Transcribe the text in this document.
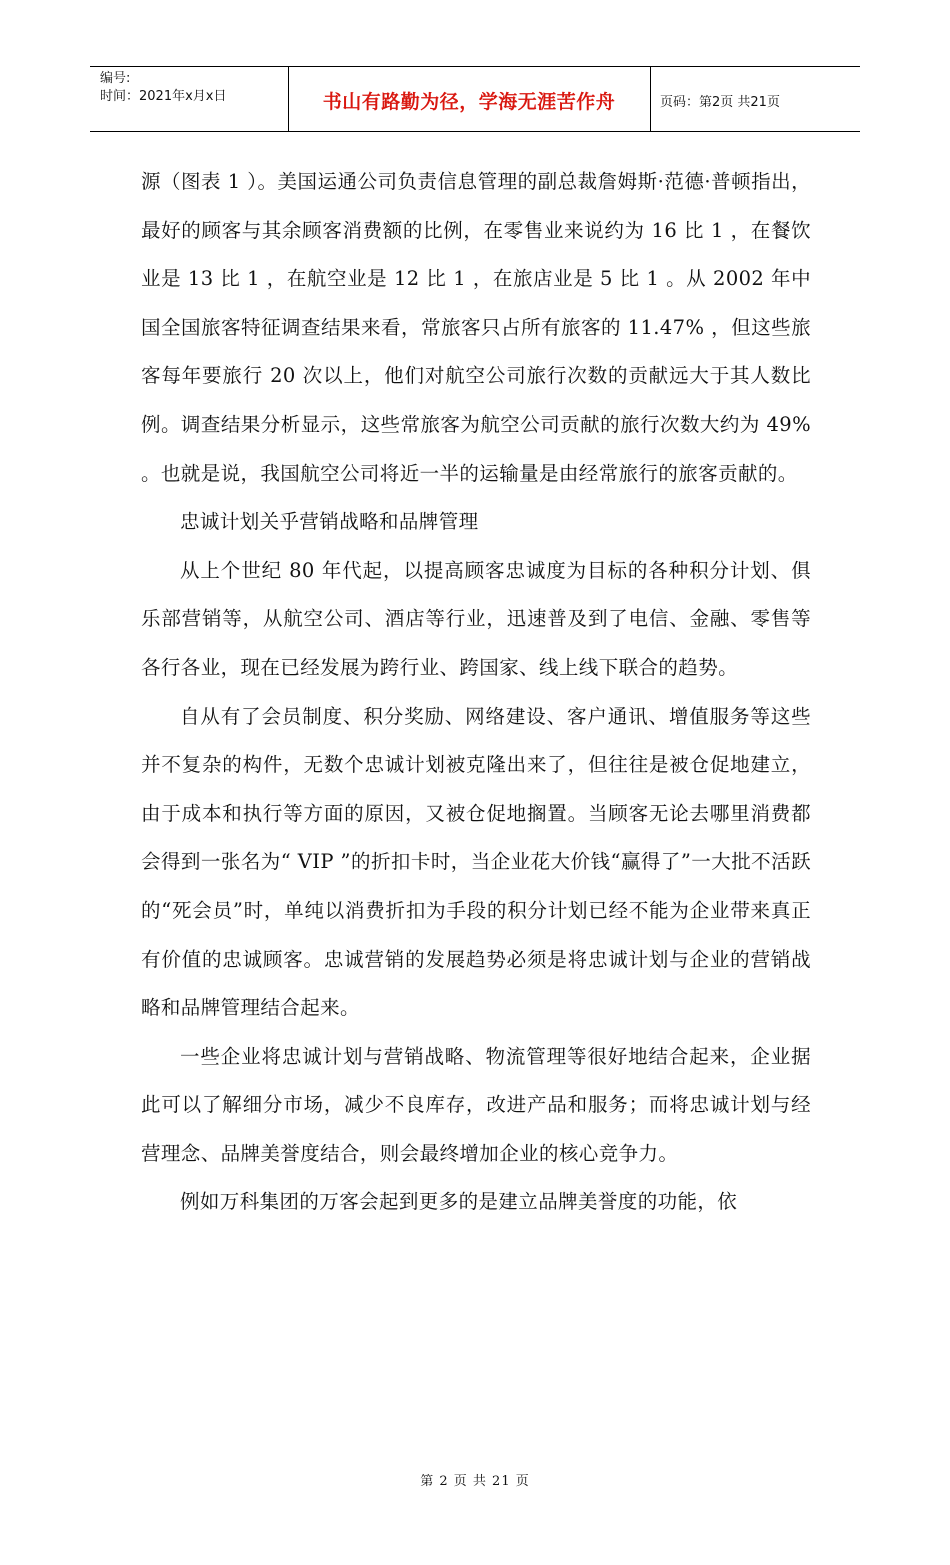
编号:
时间：2021年x月x日	书山有路勤为径，学海无涯苦作舟	页码：第2页 共21页

源（图表 1 ）。美国运通公司负责信息管理的副总裁詹姆斯·范德·普顿指出，最好的顾客与其余顾客消费额的比例，在零售业来说约为 16 比 1 ，在餐饮业是 13 比 1 ，在航空业是 12 比 1 ，在旅店业是 5 比 1 。从 2002 年中国全国旅客特征调查结果来看，常旅客只占所有旅客的 11.47% ，但这些旅客每年要旅行 20 次以上，他们对航空公司旅行次数的贡献远大于其人数比例。调查结果分析显示，这些常旅客为航空公司贡献的旅行次数大约为 49% 。也就是说，我国航空公司将近一半的运输量是由经常旅行的旅客贡献的。

忠诚计划关乎营销战略和品牌管理

从上个世纪 80 年代起，以提高顾客忠诚度为目标的各种积分计划、俱乐部营销等，从航空公司、酒店等行业，迅速普及到了电信、金融、零售等各行各业，现在已经发展为跨行业、跨国家、线上线下联合的趋势。

自从有了会员制度、积分奖励、网络建设、客户通讯、增值服务等这些并不复杂的构件，无数个忠诚计划被克隆出来了，但往往是被仓促地建立，由于成本和执行等方面的原因，又被仓促地搁置。当顾客无论去哪里消费都会得到一张名为“ VIP ”的折扣卡时，当企业花大价钱“赢得了”一大批不活跃的“死会员”时，单纯以消费折扣为手段的积分计划已经不能为企业带来真正有价值的忠诚顾客。忠诚营销的发展趋势必须是将忠诚计划与企业的营销战略和品牌管理结合起来。

一些企业将忠诚计划与营销战略、物流管理等很好地结合起来，企业据此可以了解细分市场，减少不良库存，改进产品和服务；而将忠诚计划与经营理念、品牌美誉度结合，则会最终增加企业的核心竞争力。

例如万科集团的万客会起到更多的是建立品牌美誉度的功能，依

第 2 页 共 21 页
